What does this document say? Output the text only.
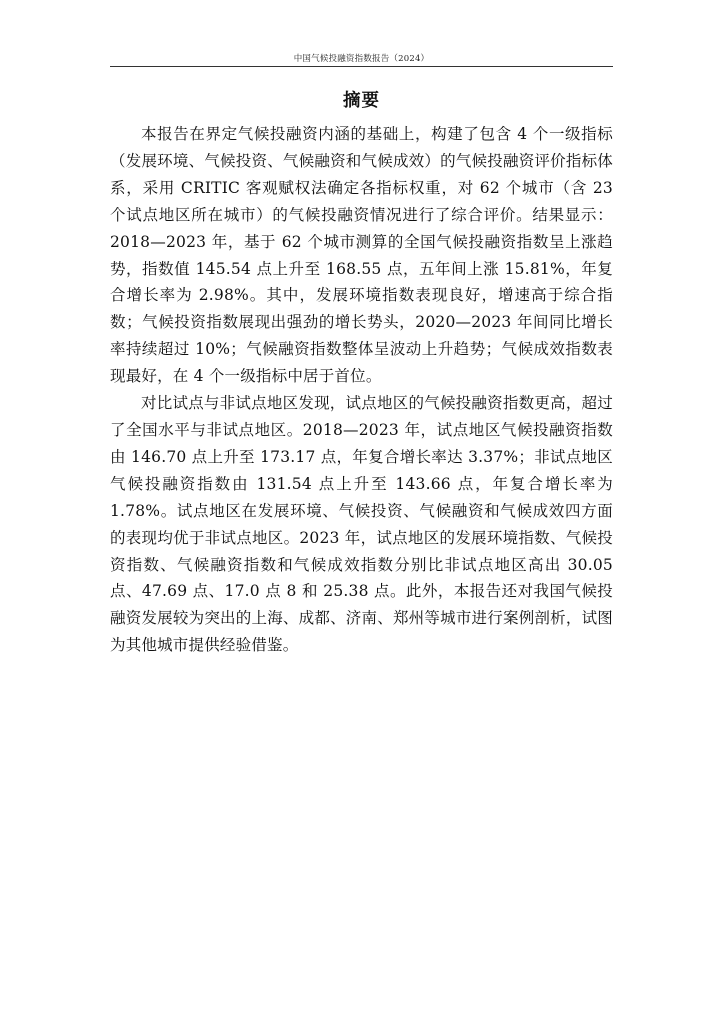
中国气候投融资指数报告（2024）
摘要

本报告在界定气候投融资内涵的基础上，构建了包含 4 个一级指标（发展环境、气候投资、气候融资和气候成效）的气候投融资评价指标体系，采用 CRITIC 客观赋权法确定各指标权重，对 62 个城市（含 23 个试点地区所在城市）的气候投融资情况进行了综合评价。结果显示：2018—2023 年，基于 62 个城市测算的全国气候投融资指数呈上涨趋势，指数值 145.54 点上升至 168.55 点，五年间上涨 15.81%，年复合增长率为 2.98%。其中，发展环境指数表现良好，增速高于综合指数；气候投资指数展现出强劲的增长势头，2020—2023 年间同比增长率持续超过 10%；气候融资指数整体呈波动上升趋势；气候成效指数表现最好，在 4 个一级指标中居于首位。

对比试点与非试点地区发现，试点地区的气候投融资指数更高，超过了全国水平与非试点地区。2018—2023 年，试点地区气候投融资指数由 146.70 点上升至 173.17 点，年复合增长率达 3.37%；非试点地区气候投融资指数由 131.54 点上升至 143.66 点，年复合增长率为 1.78%。试点地区在发展环境、气候投资、气候融资和气候成效四方面的表现均优于非试点地区。2023 年，试点地区的发展环境指数、气候投资指数、气候融资指数和气候成效指数分别比非试点地区高出 30.05 点、47.69 点、17.0 点 8 和 25.38 点。此外，本报告还对我国气候投融资发展较为突出的上海、成都、济南、郑州等城市进行案例剖析，试图为其他城市提供经验借鉴。
